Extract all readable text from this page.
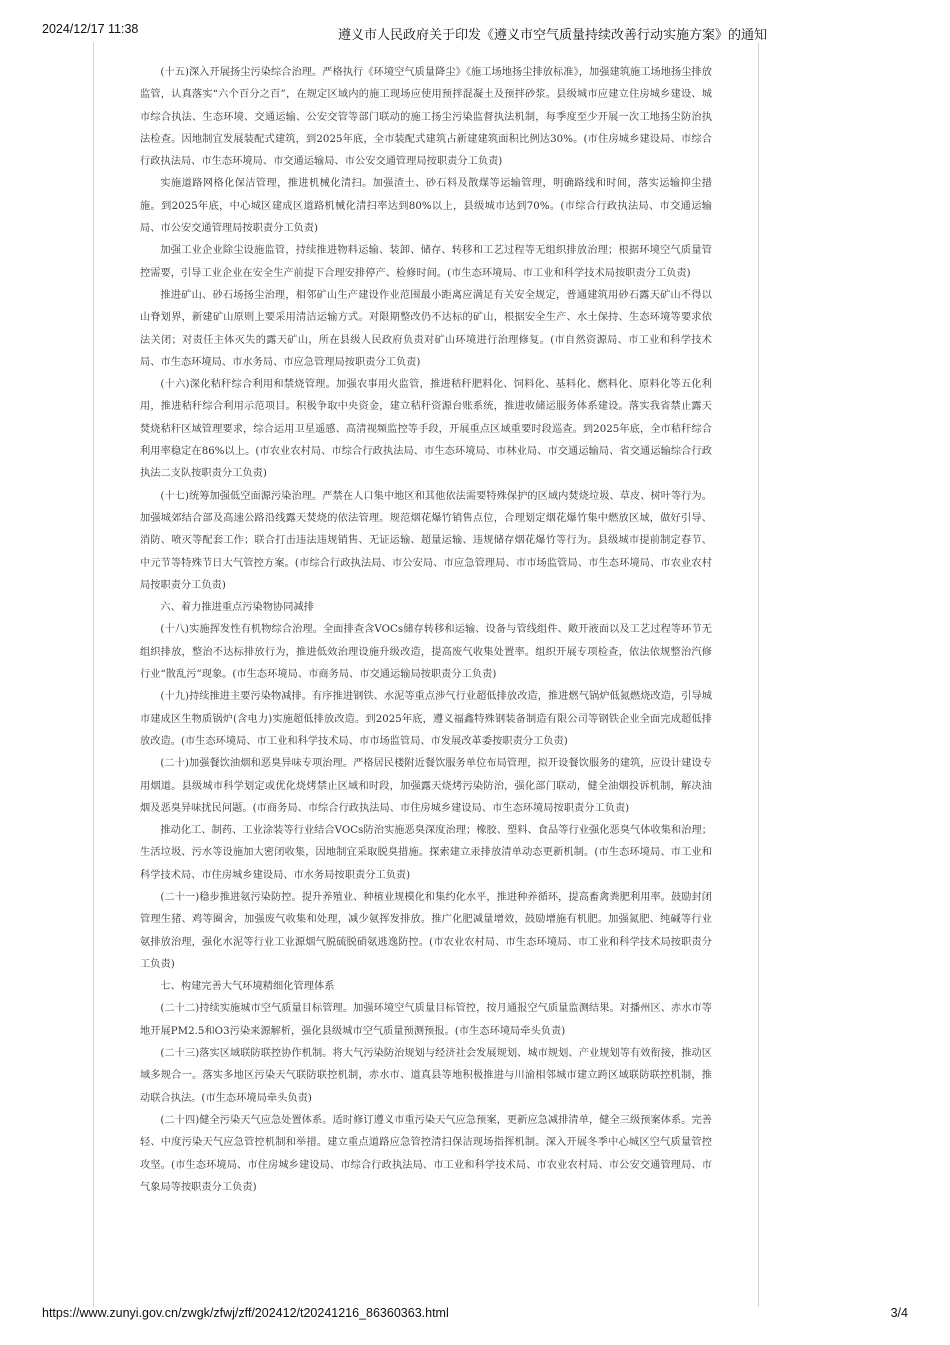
2024/12/17 11:38	遵义市人民政府关于印发《遵义市空气质量持续改善行动实施方案》的通知

(十五)深入开展扬尘污染综合治理。严格执行《环境空气质量降尘》《施工场地扬尘排放标准》，加强建筑施工场地扬尘排放监管，认真落实“六个百分之百”，在规定区域内的施工现场应使用预拌混凝土及预拌砂浆。县级城市应建立住房城乡建设、城市综合执法、生态环境、交通运输、公安交管等部门联动的施工扬尘污染监督执法机制，每季度至少开展一次工地扬尘防治执法检查。因地制宜发展装配式建筑，到2025年底，全市装配式建筑占新建建筑面积比例达30%。(市住房城乡建设局、市综合行政执法局、市生态环境局、市交通运输局、市公安交通管理局按职责分工负责)

实施道路网格化保洁管理，推进机械化清扫。加强渣土、砂石料及散煤等运输管理，明确路线和时间，落实运输抑尘措施。到2025年底，中心城区建成区道路机械化清扫率达到80%以上，县级城市达到70%。(市综合行政执法局、市交通运输局、市公安交通管理局按职责分工负责)

加强工业企业除尘设施监管，持续推进物料运输、装卸、储存、转移和工艺过程等无组织排放治理；根据环境空气质量管控需要，引导工业企业在安全生产前提下合理安排停产、检修时间。(市生态环境局、市工业和科学技术局按职责分工负责)

推进矿山、砂石场扬尘治理，相邻矿山生产建设作业范围最小距离应满足有关安全规定，普通建筑用砂石露天矿山不得以山脊划界，新建矿山原则上要采用清洁运输方式。对限期整改仍不达标的矿山，根据安全生产、水土保持、生态环境等要求依法关闭；对责任主体灭失的露天矿山，所在县级人民政府负责对矿山环境进行治理修复。(市自然资源局、市工业和科学技术局、市生态环境局、市水务局、市应急管理局按职责分工负责)

(十六)深化秸秆综合利用和禁烧管理。加强农事用火监管，推进秸秆肥料化、饲料化、基料化、燃料化、原料化等五化利用，推进秸秆综合利用示范项目。积极争取中央资金，建立秸秆资源台账系统，推进收储运服务体系建设。落实我省禁止露天焚烧秸秆区域管理要求，综合运用卫星遥感、高清视频监控等手段，开展重点区域重要时段巡查。到2025年底，全市秸秆综合利用率稳定在86%以上。(市农业农村局、市综合行政执法局、市生态环境局、市林业局、市交通运输局、省交通运输综合行政执法二支队按职责分工负责)

(十七)统筹加强低空面源污染治理。严禁在人口集中地区和其他依法需要特殊保护的区域内焚烧垃圾、草皮、树叶等行为。加强城郊结合部及高速公路沿线露天焚烧的依法管理。规范烟花爆竹销售点位，合理划定烟花爆竹集中燃放区域，做好引导、消防、喷灭等配套工作；联合打击违法违规销售、无证运输、超量运输、违规储存烟花爆竹等行为。县级城市提前制定春节、中元节等特殊节日大气管控方案。(市综合行政执法局、市公安局、市应急管理局、市市场监管局、市生态环境局、市农业农村局按职责分工负责)

六、着力推进重点污染物协同减排

(十八)实施挥发性有机物综合治理。全面排查含VOCs储存转移和运输、设备与管线组件、敞开液面以及工艺过程等环节无组织排放，整治不达标排放行为，推进低效治理设施升级改造，提高废气收集处置率。组织开展专项检查，依法依规整治汽修行业“散乱污”现象。(市生态环境局、市商务局、市交通运输局按职责分工负责)

(十九)持续推进主要污染物减排。有序推进钢铁、水泥等重点涉气行业超低排放改造，推进燃气锅炉低氮燃烧改造，引导城市建成区生物质锅炉(含电力)实施超低排放改造。到2025年底，遵义福鑫特殊钢装备制造有限公司等钢铁企业全面完成超低排放改造。(市生态环境局、市工业和科学技术局、市市场监管局、市发展改革委按职责分工负责)

(二十)加强餐饮油烟和恶臭异味专项治理。严格居民楼附近餐饮服务单位布局管理，拟开设餐饮服务的建筑，应设计建设专用烟道。县级城市科学划定或优化烧烤禁止区域和时段，加强露天烧烤污染防治，强化部门联动，健全油烟投诉机制，解决油烟及恶臭异味扰民问题。(市商务局、市综合行政执法局、市住房城乡建设局、市生态环境局按职责分工负责)

推动化工、制药、工业涂装等行业结合VOCs防治实施恶臭深度治理；橡胶、塑料、食品等行业强化恶臭气体收集和治理；生活垃圾、污水等设施加大密闭收集，因地制宜采取脱臭措施。探索建立汞排放清单动态更新机制。(市生态环境局、市工业和科学技术局、市住房城乡建设局、市水务局按职责分工负责)

(二十一)稳步推进氨污染防控。提升养殖业、种植业规模化和集约化水平，推进种养循环，提高畜禽粪肥利用率。鼓励封闭管理生猪、鸡等圈舍，加强废气收集和处理，减少氨挥发排放。推广化肥减量增效，鼓励增施有机肥。加强氮肥、纯碱等行业氨排放治理，强化水泥等行业工业源烟气脱硫脱硝氨逃逸防控。(市农业农村局、市生态环境局、市工业和科学技术局按职责分工负责)

七、构建完善大气环境精细化管理体系

(二十二)持续实施城市空气质量目标管理。加强环境空气质量目标管控，按月通报空气质量监测结果。对播州区、赤水市等地开展PM2.5和O3污染来源解析，强化县级城市空气质量预测预报。(市生态环境局牵头负责)

(二十三)落实区域联防联控协作机制。将大气污染防治规划与经济社会发展规划、城市规划、产业规划等有效衔接，推动区域多规合一。落实多地区污染天气联防联控机制，赤水市、道真县等地积极推进与川渝相邻城市建立跨区域联防联控机制，推动联合执法。(市生态环境局牵头负责)

(二十四)健全污染天气应急处置体系。适时修订遵义市重污染天气应急预案，更新应急减排清单，健全三级预案体系。完善轻、中度污染天气应急管控机制和举措。建立重点道路应急管控清扫保洁现场指挥机制。深入开展冬季中心城区空气质量管控攻坚。(市生态环境局、市住房城乡建设局、市综合行政执法局、市工业和科学技术局、市农业农村局、市公安交通管理局、市气象局等按职责分工负责)

https://www.zunyi.gov.cn/zwgk/zfwj/zff/202412/t20241216_86360363.html	3/4
